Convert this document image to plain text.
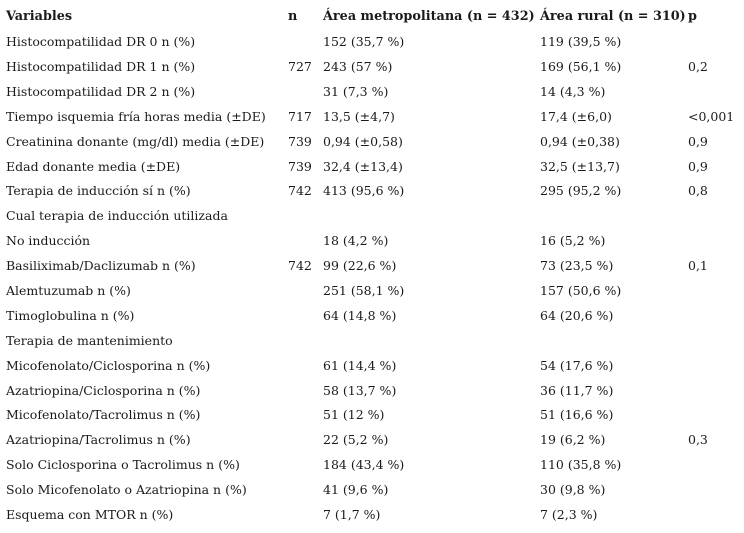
Variables	n	Área metropolitana (n = 432)	Área rural (n = 310)	p
Histocompatilidad DR 0 n (%)		152 (35,7 %)	119 (39,5 %)	
Histocompatilidad DR 1 n (%)	727	243 (57 %)	169 (56,1 %)	0,2
Histocompatilidad DR 2 n (%)		31 (7,3 %)	14 (4,3 %)	
Tiempo isquemia fría horas media (±DE)	717	13,5 (±4,7)	17,4 (±6,0)	<0,001
Creatinina donante (mg/dl) media (±DE)	739	0,94 (±0,58)	0,94 (±0,38)	0,9
Edad donante media (±DE)	739	32,4 (±13,4)	32,5 (±13,7)	0,9
Terapia de inducción sí n (%)	742	413 (95,6 %)	295 (95,2 %)	0,8
Cual terapia de inducción utilizada				
No inducción		18 (4,2 %)	16 (5,2 %)	
Basiliximab/Daclizumab n (%)	742	99 (22,6 %)	73 (23,5 %)	0,1
Alemtuzumab n (%)		251 (58,1 %)	157 (50,6 %)	
Timoglobulina n (%)		64 (14,8 %)	64 (20,6 %)	
Terapia de mantenimiento				
Micofenolato/Ciclosporina n (%)		61 (14,4 %)	54 (17,6 %)	
Azatriopina/Ciclosporina n (%)		58 (13,7 %)	36 (11,7 %)	
Micofenolato/Tacrolimus n (%)		51 (12 %)	51 (16,6 %)	
Azatriopina/Tacrolimus n (%)		22 (5,2 %)	19 (6,2 %)	0,3
Solo Ciclosporina o Tacrolimus n (%)		184 (43,4 %)	110 (35,8 %)	
Solo Micofenolato o Azatriopina n (%)		41 (9,6 %)	30 (9,8 %)	
Esquema con MTOR n (%)		7 (1,7 %)	7 (2,3 %)	
